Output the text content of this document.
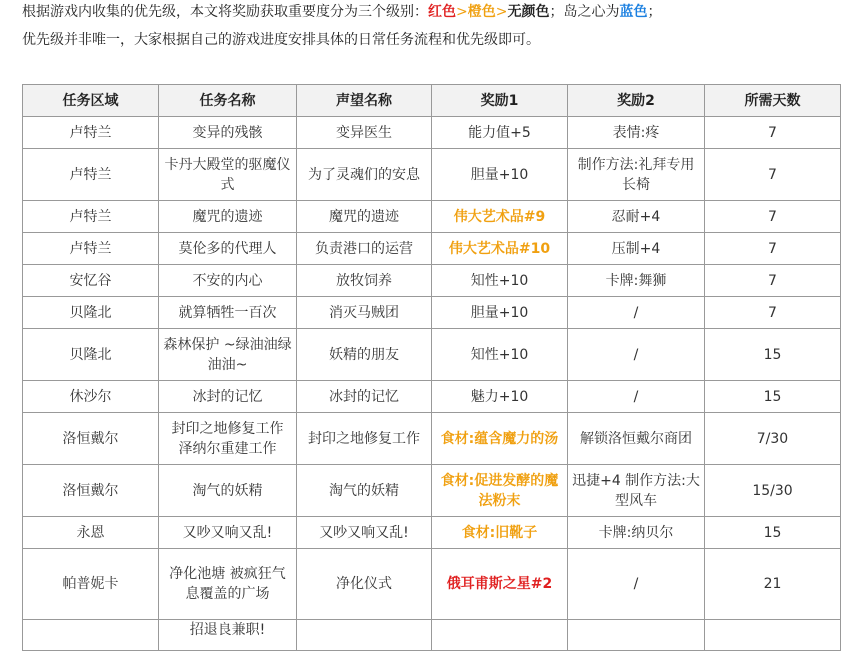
根据游戏内收集的优先级，本文将奖励获取重要度分为三个级别：红色>橙色>无颜色；岛之心为蓝色；
优先级并非唯一，大家根据自己的游戏进度安排具体的日常任务流程和优先级即可。
任务区域	任务名称	声望名称	奖励1	奖励2	所需天数
卢特兰	变异的残骸	变异医生	能力值+5	表情:疼	7
卢特兰	卡丹大殿堂的驱魔仪式	为了灵魂们的安息	胆量+10	制作方法:礼拜专用长椅	7
卢特兰	魔咒的遗迹	魔咒的遗迹	伟大艺术品#9	忍耐+4	7
卢特兰	莫伦多的代理人	负责港口的运营	伟大艺术品#10	压制+4	7
安忆谷	不安的内心	放牧饲养	知性+10	卡牌:舞狮	7
贝隆北	就算牺牲一百次	消灭马贼团	胆量+10	/	7
贝隆北	森林保护 ~绿油油绿油油~	妖精的朋友	知性+10	/	15
休沙尔	冰封的记忆	冰封的记忆	魅力+10	/	15
洛恒戴尔	封印之地修复工作 泽纳尔重建工作	封印之地修复工作	食材:蕴含魔力的汤	解锁洛恒戴尔商团	7/30
洛恒戴尔	淘气的妖精	淘气的妖精	食材:促进发酵的魔法粉末	迅捷+4 制作方法:大型风车	15/30
永恩	又吵又响又乱!	又吵又响又乱!	食材:旧靴子	卡牌:纳贝尔	15
帕普妮卡	净化池塘 被疯狂气息覆盖的广场	净化仪式	俄耳甫斯之星#2	/	21
	招退良兼职!				
